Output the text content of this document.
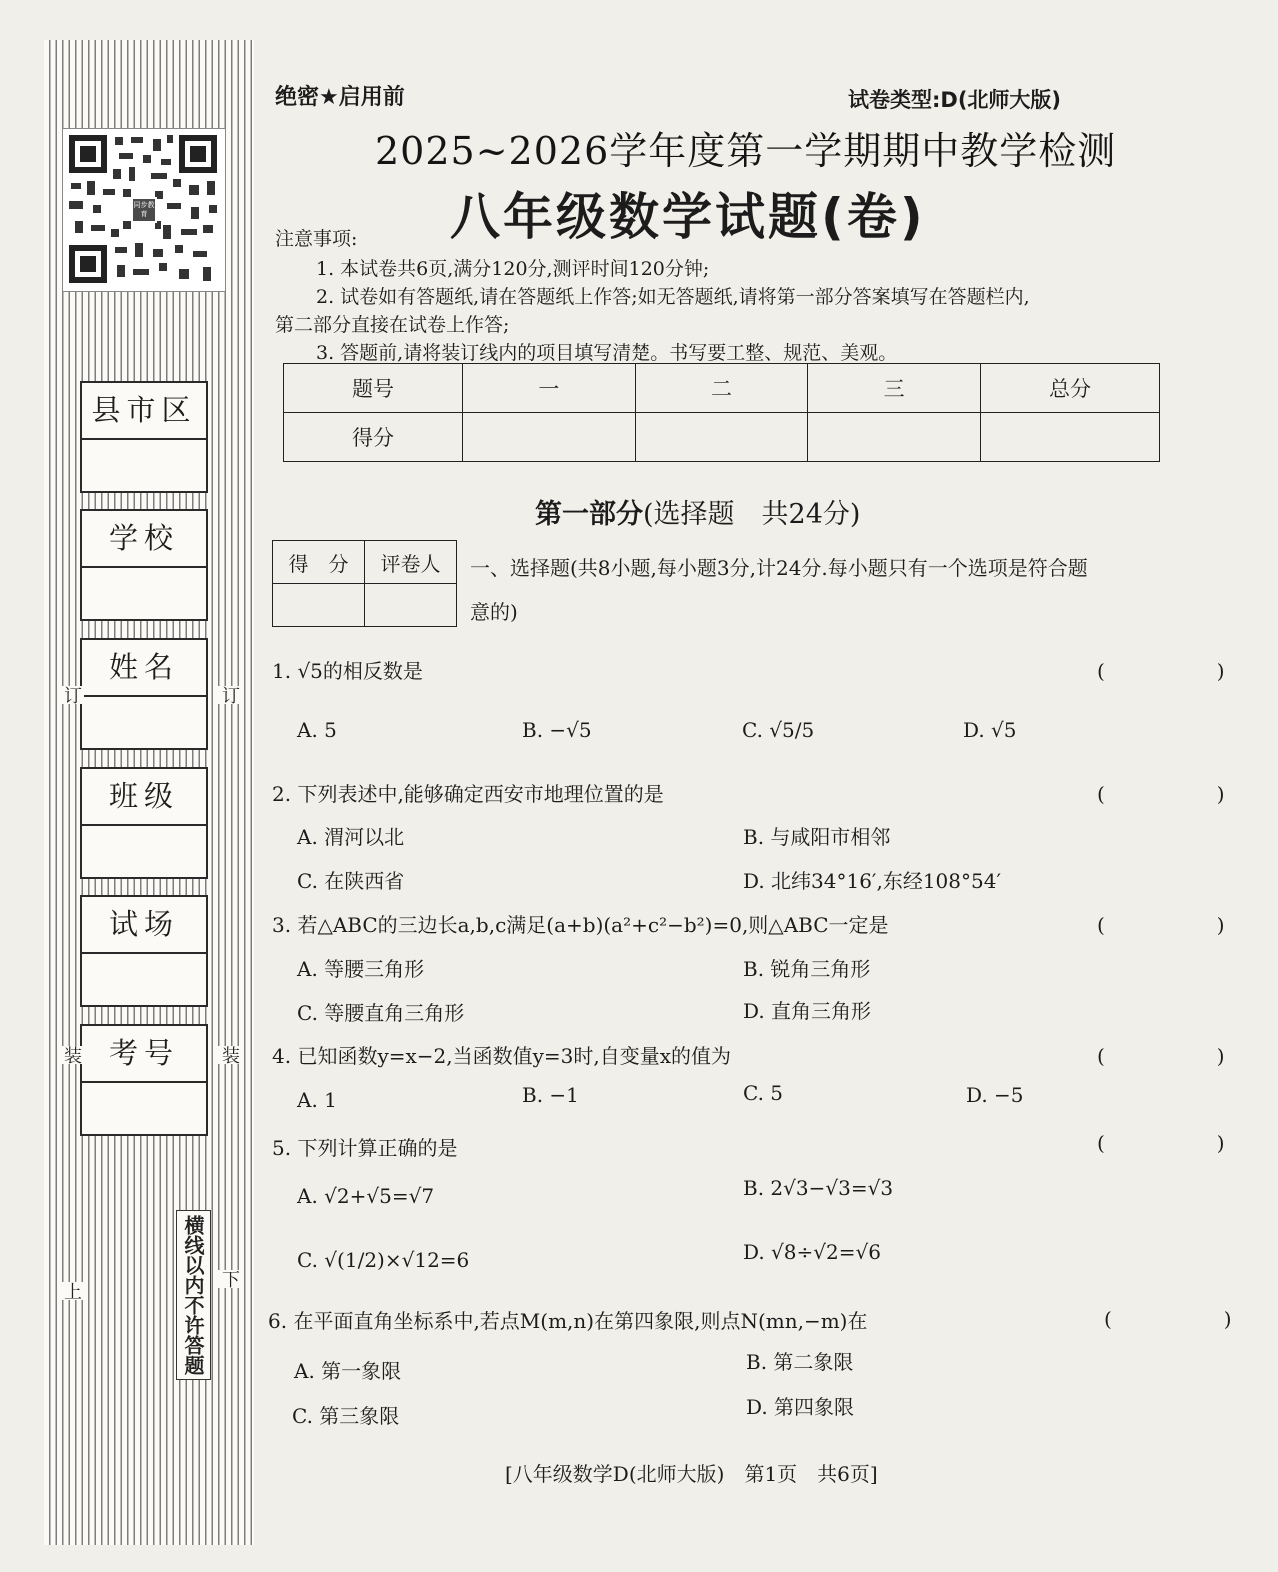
同步教育
县市区
学校
姓名
班级
试场
考号
订	订
装	装
上
下
横线以内不许答题
绝密★启用前	试卷类型:D(北师大版)
2025~2026学年度第一学期期中教学检测
八年级数学试题(卷)
注意事项:
1. 本试卷共6页,满分120分,测评时间120分钟;
2. 试卷如有答题纸,请在答题纸上作答;如无答题纸,请将第一部分答案填写在答题栏内,
第二部分直接在试卷上作答;
3. 答题前,请将装订线内的项目填写清楚。书写要工整、规范、美观。
题号	一	二	三	总分
得分				
第一部分(选择题　共24分)
得　分	评卷人
	一、选择题(共8小题,每小题3分,计24分.每小题只有一个选项是符合题
意的)
1. √5的相反数是	(　)
A. 5	B. −√5	C. √5/5	D. √5
2. 下列表述中,能够确定西安市地理位置的是	(　)
A. 渭河以北	B. 与咸阳市相邻
C. 在陕西省	D. 北纬34°16′,东经108°54′
3. 若△ABC的三边长a,b,c满足(a+b)(a²+c²−b²)=0,则△ABC一定是	(　)
A. 等腰三角形	B. 锐角三角形
C. 等腰直角三角形	D. 直角三角形
4. 已知函数y=x−2,当函数值y=3时,自变量x的值为	(　)
A. 1	B. −1	C. 5	D. −5
5. 下列计算正确的是	(　)
A. √2+√5=√7	B. 2√3−√3=√3
C. √(1/2)×√12=6	D. √8÷√2=√6
6. 在平面直角坐标系中,若点M(m,n)在第四象限,则点N(mn,−m)在	(　)
A. 第一象限	B. 第二象限
C. 第三象限	D. 第四象限
[八年级数学D(北师大版)　第1页　共6页]
